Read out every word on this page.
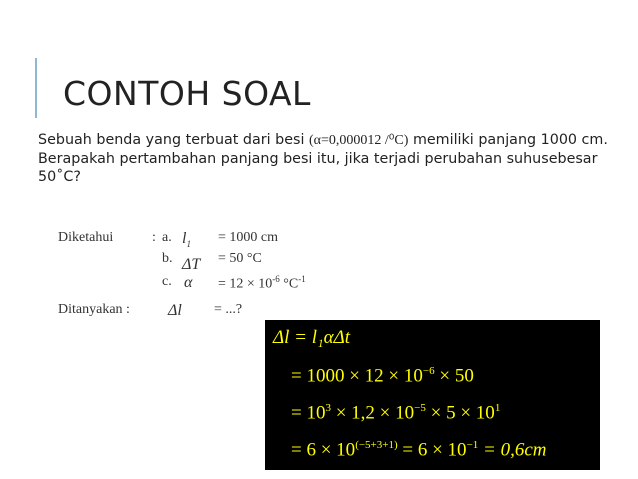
CONTOH SOAL
Sebuah benda yang terbuat dari besi (α=0,000012 /⁰C) memiliki panjang 1000 cm. Berapakah pertambahan panjang besi itu, jika terjadi perubahan suhusebesar 50˚C?
Diketahui	: a. $l_1 = 1000$ cm
b. ΔT = 50 °C
c. $\alpha = 12 \times 10^{-6}$ $^\circ C^{-1}$
Ditanyakan : Δl = ...?
Δl = l₁αΔt
= $1000 \times 12 \times 10^{-6} \times 50$
= $10^3 \times 1,2 \times 10^{-5} \times 5 \times 10^1$
= $6 \times 10^{(-5+3+1)} = 6 \times 10^{-1} = 0,6cm$
